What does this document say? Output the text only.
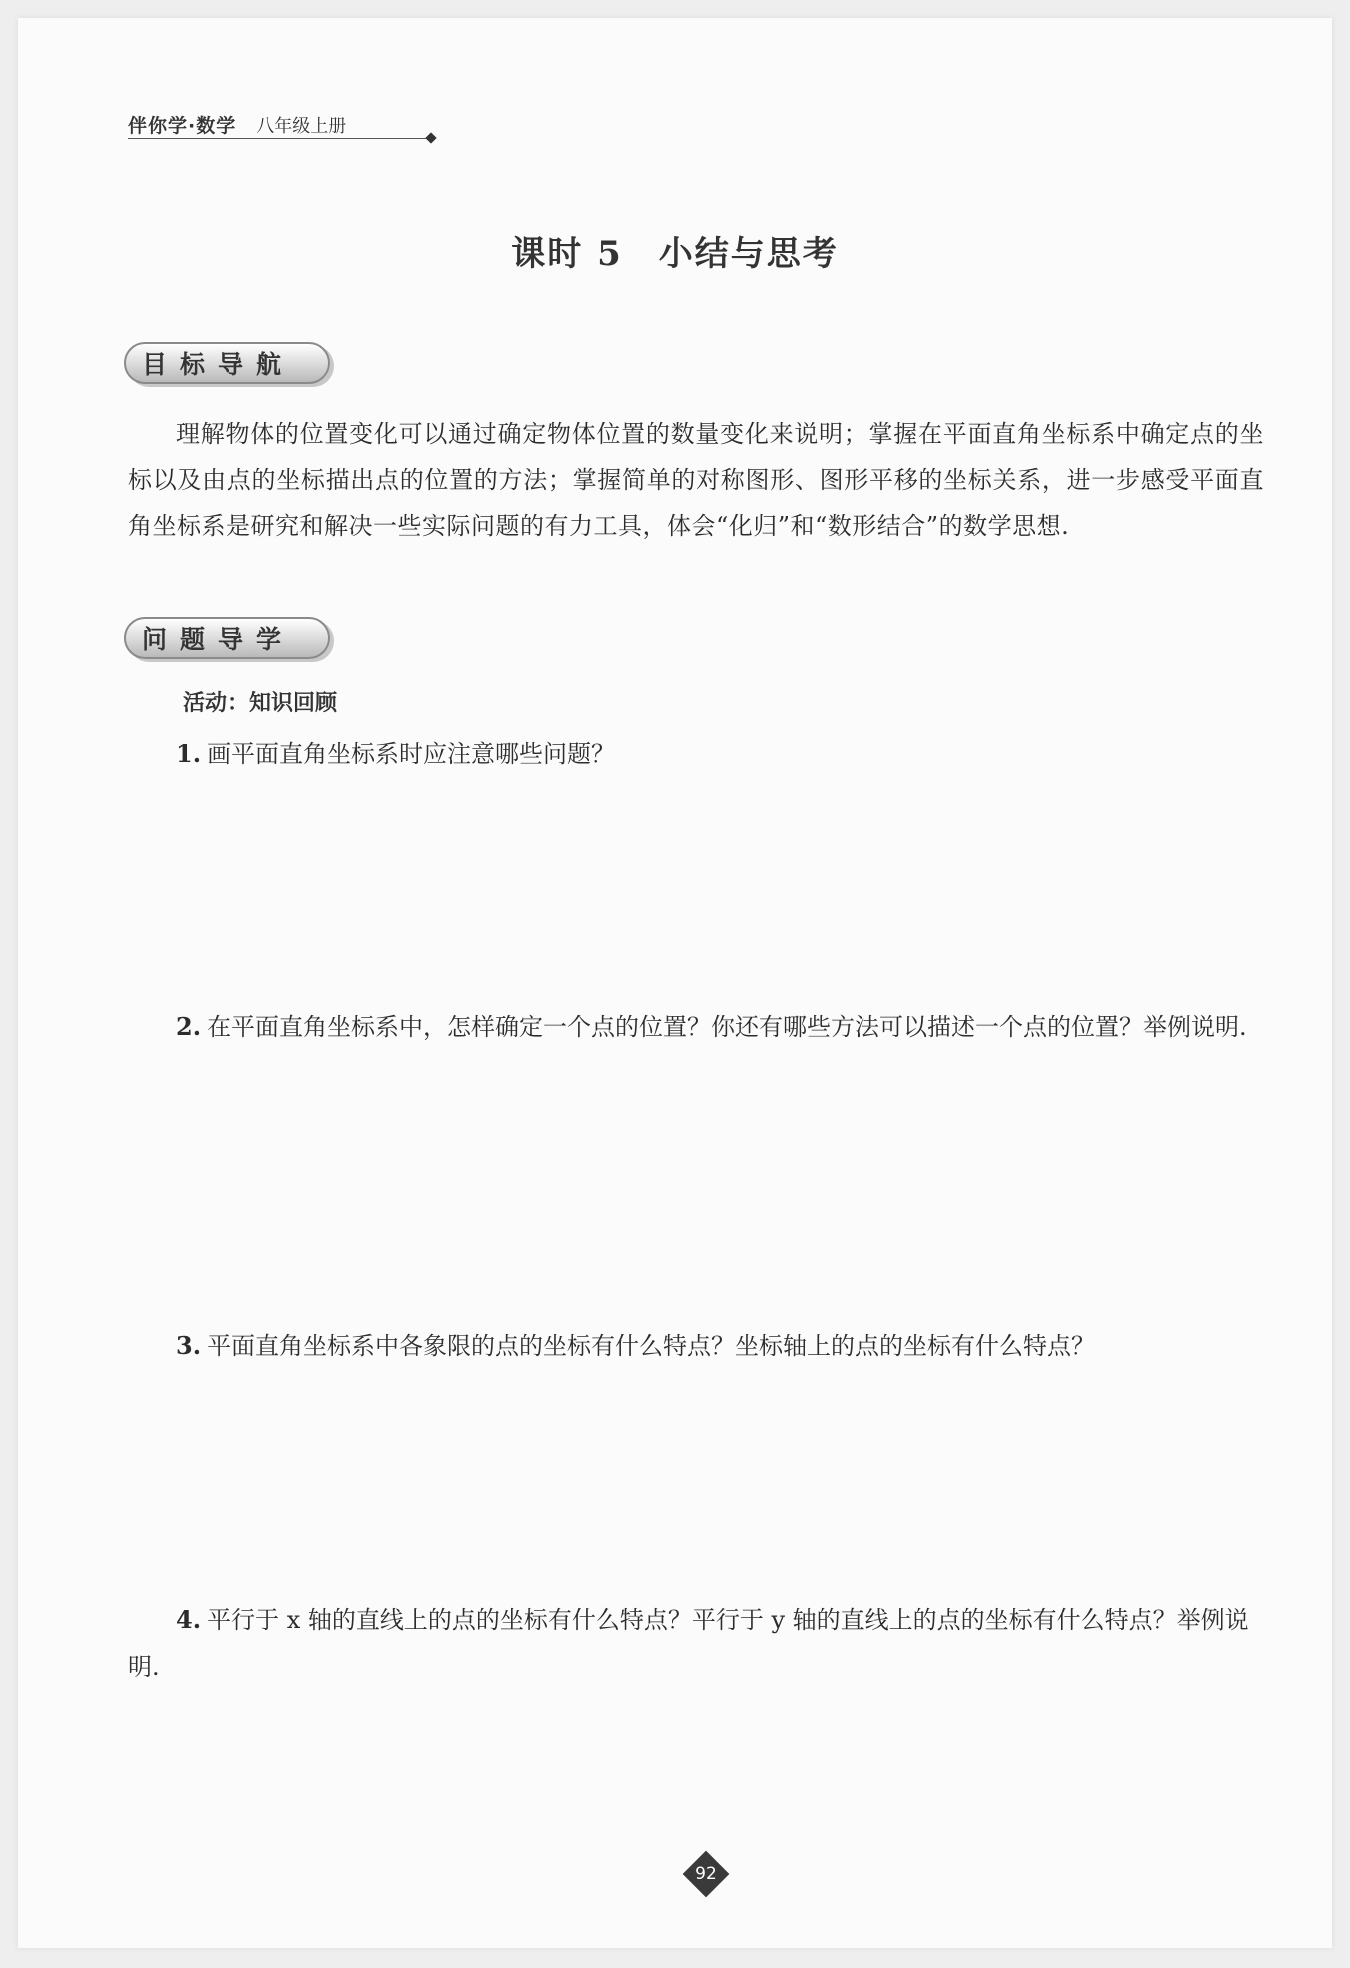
伴你学·数学 八年级上册
课时 5 小结与思考
目标导航
理解物体的位置变化可以通过确定物体位置的数量变化来说明；掌握在平面直角坐标系中确定点的坐标以及由点的坐标描出点的位置的方法；掌握简单的对称图形、图形平移的坐标关系，进一步感受平面直角坐标系是研究和解决一些实际问题的有力工具，体会“化归”和“数形结合”的数学思想.
问题导学
活动：知识回顾
1. 画平面直角坐标系时应注意哪些问题？
2. 在平面直角坐标系中，怎样确定一个点的位置？你还有哪些方法可以描述一个点的位置？举例说明.
3. 平面直角坐标系中各象限的点的坐标有什么特点？坐标轴上的点的坐标有什么特点？
4. 平行于 x 轴的直线上的点的坐标有什么特点？平行于 y 轴的直线上的点的坐标有什么特点？举例说明.
92
